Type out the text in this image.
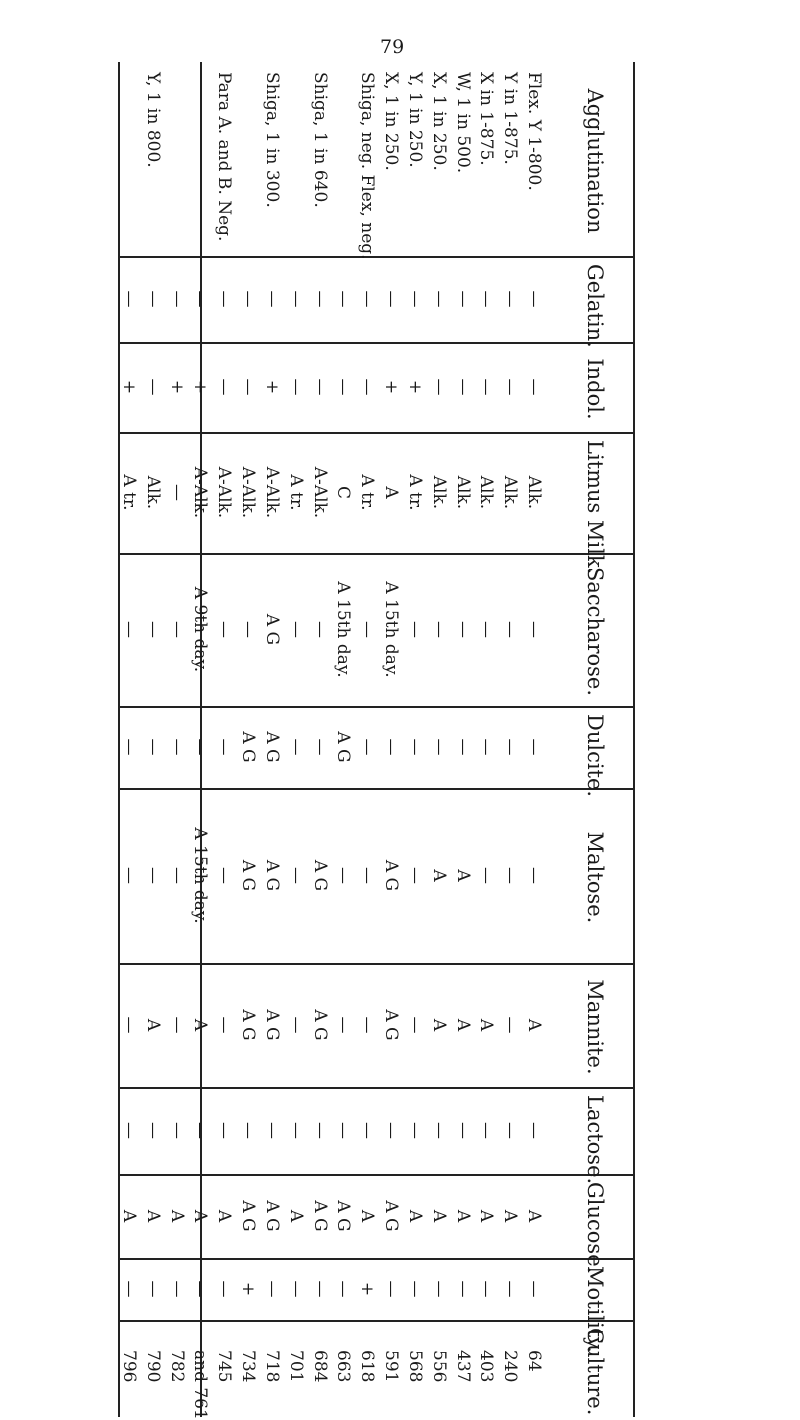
79
Agglutination
Gelatin.
Indol.
Litmus Milk.
Saccharose.
Dulcite.
Maltose.
Mannite.
Lactose.
Glucose.
Motility.
Culture.
Flex. Y 1-800.
—
—
Alk.
—
—
—
A
—
A
—
64
Y in 1-875.
—
—
Alk.
—
—
—
—
—
A
—
240
X in 1-875.
—
—
Alk.
—
—
—
A
—
A
—
403
W, 1 in 500.
—
—
Alk.
—
—
A
A
—
A
—
437
X, 1 in 250.
—
—
Alk.
—
—
A
A
—
A
—
556
Y, 1 in 250.
—
+
A tr.
—
—
—
—
—
A
—
568
X, 1 in 250.
—
+
A
A 15th day.
—
A G
A G
—
A G
—
591
Shiga, neg. Flex, neg.
—
—
A tr.
—
—
—
—
—
A
+
618
—
—
C
A 15th day.
A G
—
—
—
A G
—
663
Shiga, 1 in 640.
—
—
A-Alk.
—
—
A G
A G
—
A G
—
684
—
—
A tr.
—
—
—
—
—
A
—
701
Shiga, 1 in 300.
—
+
A-Alk.
A G
A G
A G
A G
—
A G
—
718
—
—
A-Alk.
—
A G
A G
A G
—
A G
+
734
Para A. and B. Neg.
—
—
A-Alk.
—
—
—
—
—
A
—
745
—
+
A-Alk.
A 9th day.
—
A 15th day.
A
—
A
—
and 761
—
+
—
—
—
—
—
—
A
—
782
Y, 1 in 800.
—
—
Alk.
—
—
—
A
—
A
—
790
—
+
A tr.
—
—
—
—
—
A
—
796
